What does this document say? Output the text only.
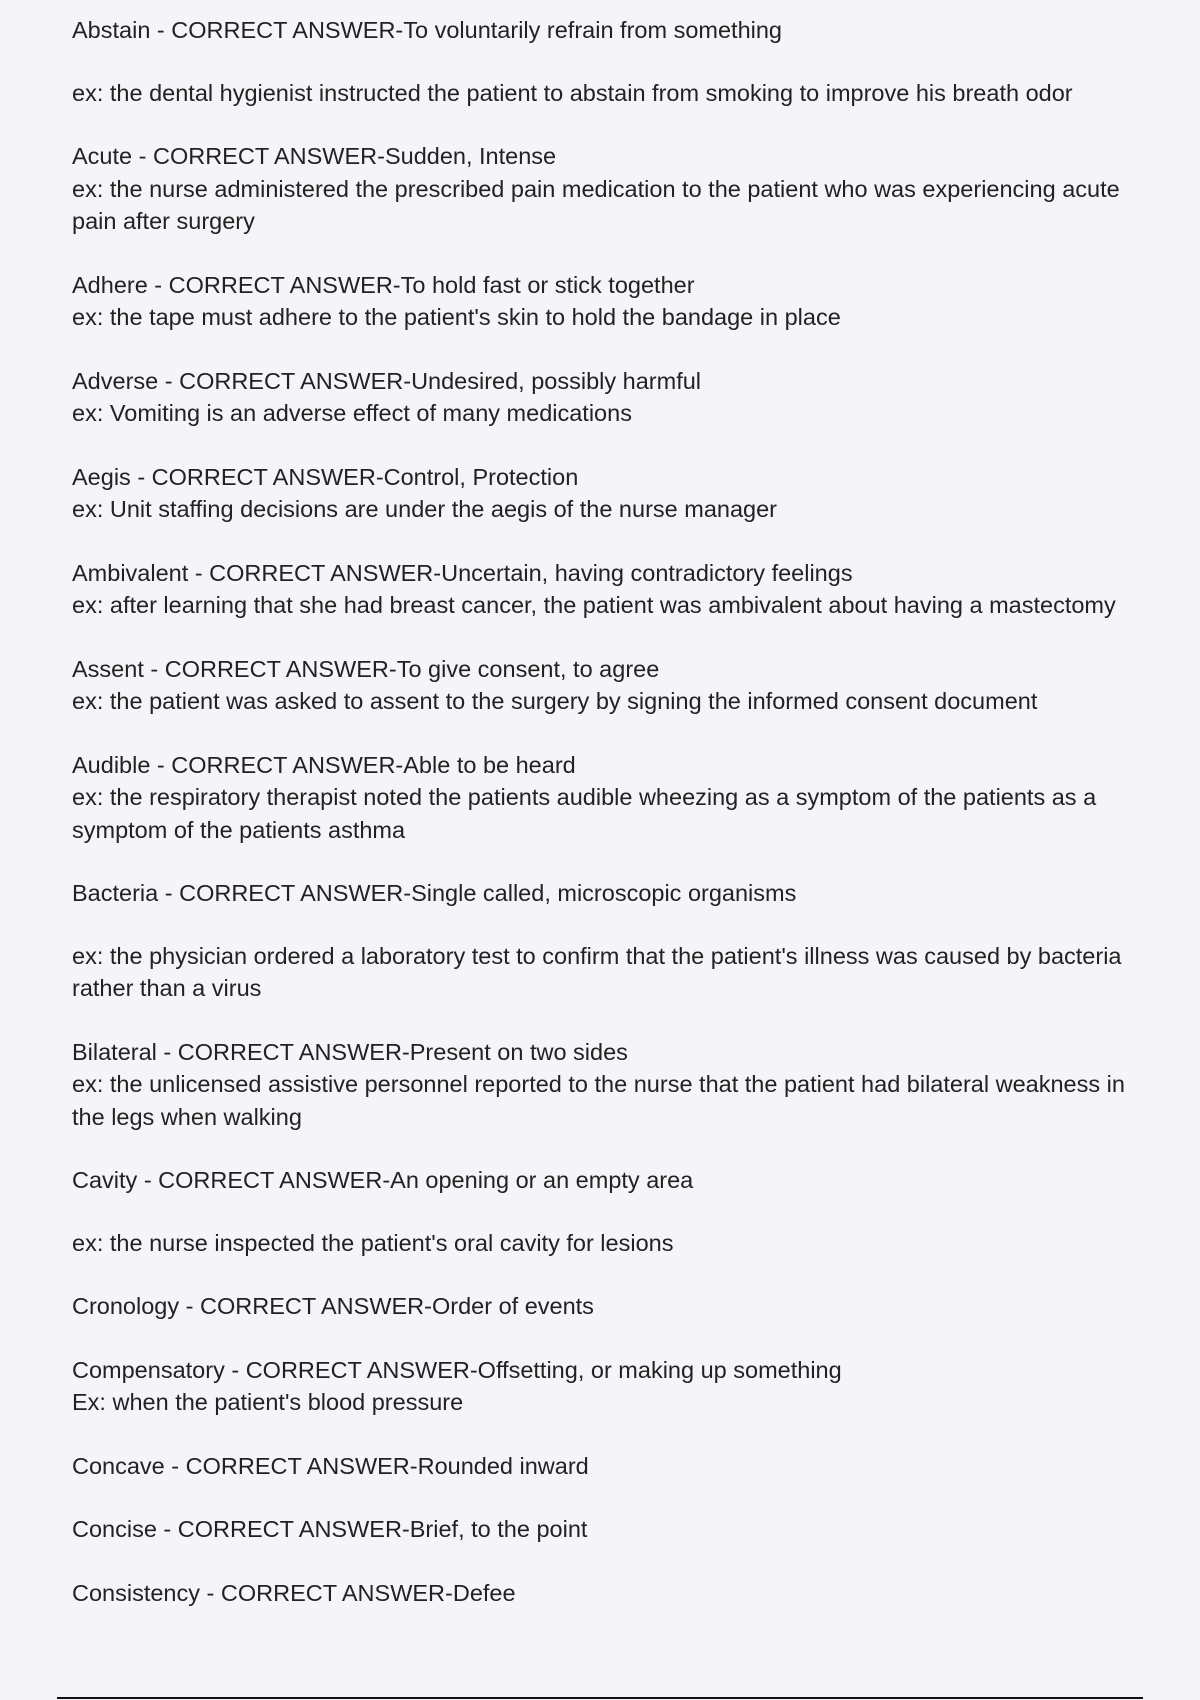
Abstain - CORRECT ANSWER-To voluntarily refrain from something

ex: the dental hygienist instructed the patient to abstain from smoking to improve his breath odor

Acute - CORRECT ANSWER-Sudden, Intense

ex: the nurse administered the prescribed pain medication to the patient who was experiencing acute pain after surgery

Adhere - CORRECT ANSWER-To hold fast or stick together

ex: the tape must adhere to the patient's skin to hold the bandage in place

Adverse - CORRECT ANSWER-Undesired, possibly harmful

ex: Vomiting is an adverse effect of many medications

Aegis - CORRECT ANSWER-Control, Protection

ex: Unit staffing decisions are under the aegis of the nurse manager

Ambivalent - CORRECT ANSWER-Uncertain, having contradictory feelings

ex: after learning that she had breast cancer, the patient was ambivalent about having a mastectomy

Assent - CORRECT ANSWER-To give consent, to agree

ex: the patient was asked to assent to the surgery by signing the informed consent document

Audible - CORRECT ANSWER-Able to be heard

ex: the respiratory therapist noted the patients audible wheezing as a symptom of the patients as a symptom of the patients asthma

Bacteria - CORRECT ANSWER-Single called, microscopic organisms

ex: the physician ordered a laboratory test to confirm that the patient's illness was caused by bacteria rather than a virus

Bilateral - CORRECT ANSWER-Present on two sides

ex: the unlicensed assistive personnel reported to the nurse that the patient had bilateral weakness in the legs when walking

Cavity - CORRECT ANSWER-An opening or an empty area

ex: the nurse inspected the patient's oral cavity for lesions

Cronology - CORRECT ANSWER-Order of events

Compensatory - CORRECT ANSWER-Offsetting, or making up something

Ex: when the patient's blood pressure

Concave - CORRECT ANSWER-Rounded inward

Concise - CORRECT ANSWER-Brief, to the point

Consistency - CORRECT ANSWER-Defee
